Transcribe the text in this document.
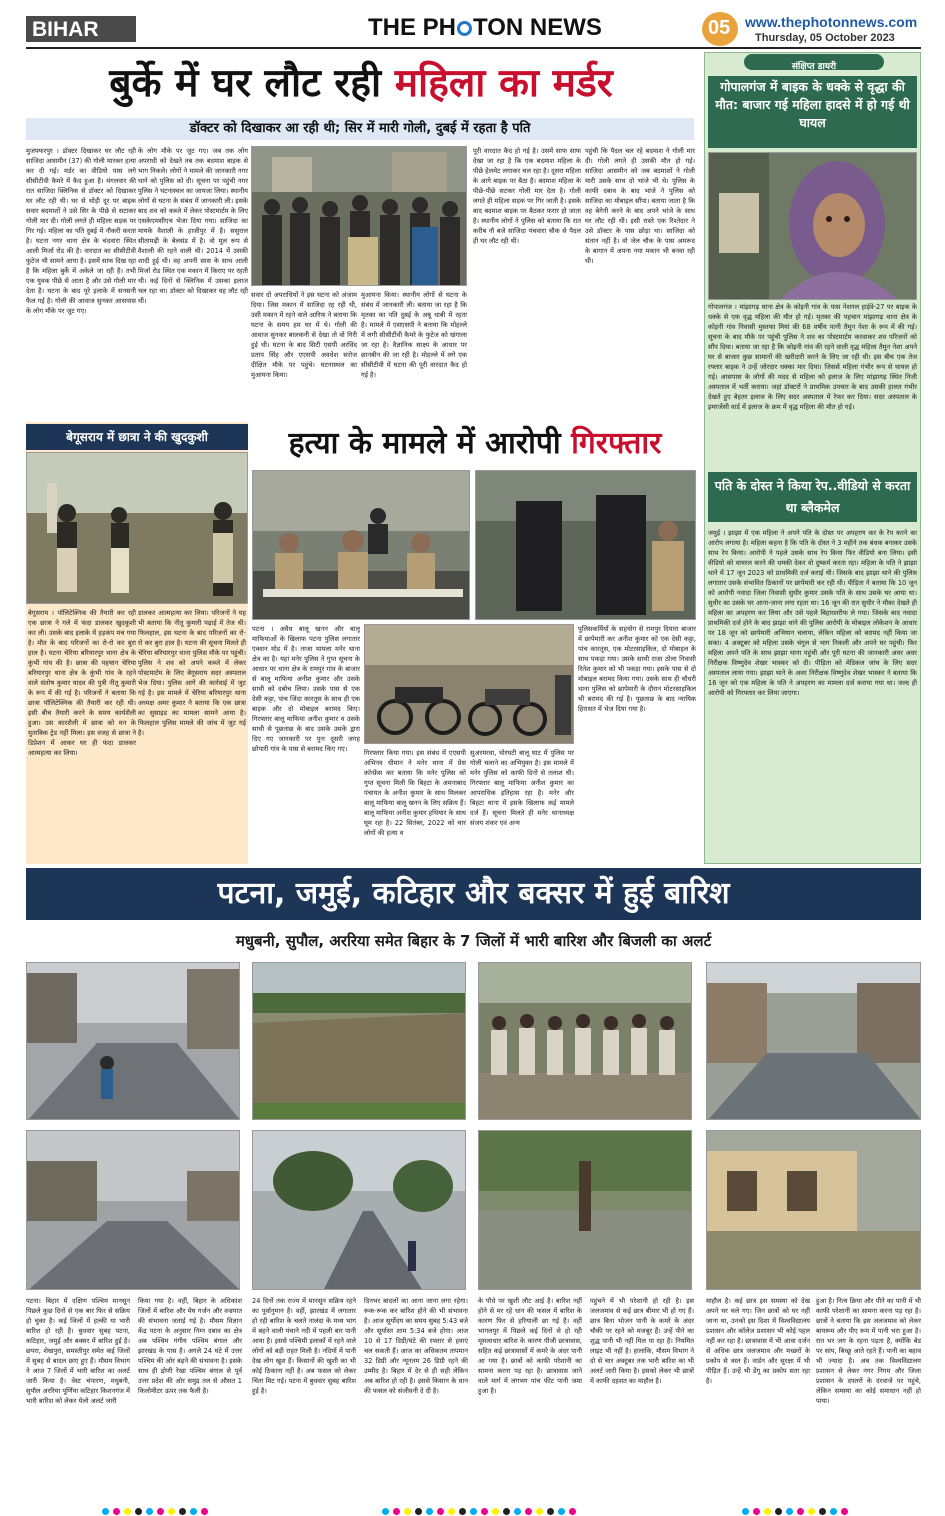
BIHAR	THE PH TON NEWS	05 www.thephotonnews.com
Thursday, 05 October 2023
बुर्के में घर लौट रही महिला का मर्डर
डॉक्टर को दिखाकर आ रही थी; सिर में मारी गोली, दुबई में रहता है पति
मुजफ्फरपुर । डॉक्टर दिखाकर घर लौट रही साजिदा आसमीन (37) की गोली मारकर हत्या कर दी गई। मर्डर का वीडियो पास लगे सीसीटीवी कैमरे में कैद हुआ है। मंगलवार की रात साजिदा क्लिनिक से डॉक्टर को दिखाकर घर लौट रही थी। घर से थोड़ी दूर पर बाइक सवार बदमाशों ने उसे सिर के पीछे से सटाकर गोली मार दी। गोली लगते ही महिला सड़क पर गिर गई। महिला का पति दुबई में नौकरी करता है। घटना नगर थाना क्षेत्र के चंदवारा स्थित आली मिर्जा रोड की है। वारदात का सीसीटीवी फुटेज भी सामने आया है। इसमें साफ दिख रहा है कि महिला बुर्के में अकेले जा रही है। तभी एक युवक पीछे से आता है और उसे गोली मार देता है। घटना के बाद पूरे इलाके में सनसनी फैल गई है। गोली की आवाज सुनकर आसपास के लोग मौके पर जुट गए।
के लोग मौके पर जुट गए। जब तक लोग अपराधी को देखते तब तक बदमाश बाइक से भाग निकले। लोगों ने मामले की जानकारी नगर थाने को पुलिस को दी। सूचना पर पहुंची नगर पुलिस ने घटनास्थल का जायजा लिया। स्थानीय लोगों से घटना के संबंध में जानकारी ली। इसके बाद शव को कब्जे में लेकर पोस्टमार्टम के लिए एसकेएमसीएच भेजा दिया गया। साजिदा का मायके वैशाली के हाजीपुर में है। ससुराल सीतामढ़ी के बेलसंड में है। वो मूल रूप से वैशाली की रहने वाली थी। 2014 में उसकी शादी हुई थी। वह अपनी सास के साथ आली मिर्जा रोड स्थित एक मकान में किराए पर रहती थी। कई दिनों से क्लिनिक में उसका इलाज चल रहा था। डॉक्टर को दिखाकर वह लौट रही थी।
सवार दो अपराधियों ने इस घटना को अंजाम दिया। जिस मकान में साजिदा रह रही थी, उसी मकान में रहने वाले आरिफ ने बताया कि घटना के समय हम घर में थे। गोली की आवाज सुनकर बालकनी से देखा तो वो गिरी हुई थी। घटना के बाद सिटी एसपी अरविंद प्रताप सिंह और एएसपी अवधेश सरोज दीक्षित मौके पर पहुंचे। घटनास्थल का मुआयना किया।
मुआयना किया। स्थानीय लोगों से घटना के संबंध में जानकारी ली। बताया जा रहा है कि मृतका का पति दुबई के अबू धाबी में रहता है। मामले में एसएसपी ने बताया कि मोहल्ले में लगी सीसीटीवी कैमरे के फुटेज को खंगाला जा रहा है। वैज्ञानिक साक्ष्य के आधार पर छानबीन की जा रही है। मोहल्ले में लगे एक सीसीटीवी में घटना की पूरी वारदात कैद हो गई है।
पूरी वारदात कैद हो गई है। उसमें साफ साफ देखा जा रहा है कि एक बदमाश महिला के पीछे हेलमेट लगाकर चल रहा है। दूसरा महिला के आगे बाइक पर बैठा है। बदमाश महिला के पीछे-पीछे सटकर गोली मार देता है। गोली लगते ही महिला सड़क पर गिर जाती है। इसके बाद बदमाश बाइक पर बैठकर फरार हो जाता है। स्थानीय लोगों ने पुलिस को बताया कि रात करीब नौ बजे साजिदा पंचवारा चौक से पैदल ही घर लौट रही थी।
पहुंची कि पैदल चल रहे बदमाश ने गोली मार दी। गोली लगते ही उसकी मौत हो गई। साजिदा आसमीन को जब बदमाशों ने गोली मारी उसके साथ दो भांजे भी थे। पुलिस के काफी दबाव के बाद भांजे ने पुलिस को साजिदा का मोबाइल सौंपा। बताया जाता है कि वह बेगेनी करने के बाद अपने भांजे के साथ घर लौट रही थी। इसी रास्ते एक रिश्तेदार ने उसे डॉक्टर के पास छोड़ा था। साजिदा को संतान नहीं है। वो जेल चौक के पास अमरूद के बागान में अपना नया मकान भी बनवा रही थी।
संक्षिप्त डायरी
गोपालगंज में बाइक के धक्के से वृद्धा की मौत: बाजार गई महिला हादसे में हो गई थी घायल
गोपालगंज । मांझागढ़ थाना क्षेत्र के कोइनी गांव के पास नेशनल हाईवे-27 पर बाइक के धक्के से एक वृद्ध महिला की मौत हो गई। मृतका की पहचान मांझागढ़ थाना क्षेत्र के कोइनी गांव निवासी मुस्तफा मियां की 68 वर्षीय पत्नी तैमुन नेशा के रूप में की गई। सूचना के बाद मौके पर पहुंची पुलिस ने शव का पोस्टमार्टम करवाकर शव परिजनों को सौंप दिया। बताया जा रहा है कि कोइनी गांव की रहने वाली वृद्ध महिला तैमुन नेशा अपने घर से बाजार कुछ सामानों की खरीदारी करने के लिए जा रही थी। इस बीच एक तेज रफ्तार बाइक ने उन्हें जोरदार धक्का मार दिया। जिससे महिला गंभीर रूप से घायल हो गई। आसपास के लोगों की मदद से महिला को इलाज के लिए मांझागढ़ स्थित निजी अस्पताल में भर्ती कराया। जहां डॉक्टरों ने प्राथमिक उपचार के बाद उसकी हालत गंभीर देखते हुए बेहतर इलाज के लिए सदर अस्पताल में रेफर कर दिया। सदर अस्पताल के इमरजेंसी वार्ड में इलाज के क्रम में वृद्ध महिला की मौत हो गई।
पति के दोस्त ने किया रेप..वीडियो से करता था ब्लैकमेल
जमुई । झाझा में एक महिला ने अपने पति के दोस्त पर अपहरण कर के रेप करने का आरोप लगाया है। महिला कहना है कि पति के दोस्त ने 3 महीने तक बंधक बनाकर उसके साथ रेप किया। आरोपी ने पहले उसके साथ रेप किया फिर वीडियो बना लिया। इसी वीडियो को वायरल करने की धमकी देकर वो दुष्कर्म करता रहा। महिला के पति ने झाझा थाने में 17 जून 2023 को प्राथमिकी दर्ज कराई थी। जिसके बाद झाझा थाने की पुलिस लगातार उसके संभावित ठिकानों पर छापेमारी कर रही थी। पीड़िता ने बताया कि 10 जून को आरोपी नवादा जिला निवासी सुधीर कुमार उसके पति के साथ उसके घर आया था। सुधीर का उसके घर आना-जाना लगा रहता था। 16 जून की रात सुधीर ने मौका देखते ही महिला का अपहरण कर लिया और उसे पहले बिहारशरीफ ले गया। जिसके बाद नवादा प्राथमिकी दर्ज होने के बाद झाझा थाने की पुलिस आरोपी के मोबाइल लोकेशन के आधार पर 18 जून को छापेमारी अभियान चलाया, लेकिन महिला को बरामद नहीं किया जा सका। 4 अक्टूबर को महिला उसके चंगुल से भाग निकली और अपने घर पहुंची। फिर महिला अपने पति के साथ झाझा थाना पहुंची और पूरी घटना की जानकारी अवर अवर निरीक्षक विष्णुदेव शेखर भास्कर को दी। पीड़िता को मेडिकल जांच के लिए सदर अस्पताल लाया गया। झाझा थाने के अवर निरीक्षक विष्णुदेव शेखर भास्कर ने बताया कि 16 जून को एक महिला के पति ने अपहरण का मामला दर्ज कराया गया था। जल्द ही आरोपी को गिरफ्तार कर लिया जाएगा।
बेगूसराय में छात्रा ने की खुदकुशी
बेगूसराय । पॉलिटेक्निक की तैयारी कर रही एक छात्रा ने गले में फंदा डालकर खुदकुशी कर ली। उसके बाद इलाके में हड़कंप मच गया है। मौत के बाद परिजनों का रो-रो कर बुरा हाल है। घटना चेरिया बरियारपुर थाना क्षेत्र के कुंभी गांव की है। छात्रा की पहचान चेरिया बरियारपुर थाना क्षेत्र के कुंभी गांव के रहने वाले संतोष कुमार यादव की पुत्री नीतू कुमारी के रूप में की गई है। परिजनों ने बताया कि छात्रा पॉलिटेक्निक की तैयारी कर रही थी। इसी बीच तैयारी करने के समय कार्यशैली हुआ। उस कारशैली में छात्रा को मन के मुताबिक ट्रेड नहीं मिला। इस वजह से छात्रा ने डिप्रेशन में आकर घर ही फंदा डालकर आत्महत्या कर लिया।
डालकर आत्महत्या कर लिया। परिजनों ने यह भी बताया कि नीतू कुमारी पढ़ाई में तेज थी। फिलहाल, इस घटना के बाद परिजनों का रो-रो कर बुरा हाल है। घटना की सूचना मिलते ही चेरिया बरियारपुर थाना पुलिस मौके पर पहुंची। पुलिस ने शव को अपने कब्जे में लेकर पोस्टमार्टम के लिए बेगूसराय सदर अस्पताल भेज दिया। पुलिस आगे की कार्रवाई में जुट गई है। इस मामले में चेरिया बरियारपुर थाना अध्यक्ष अमर कुमार ने बताया कि एक छात्रा का सुसाइड का मामला सामने आया है। फिलहाल पुलिस मामले की जांच में जुट गई है।
हत्या के मामले में आरोपी गिरफ्तार
पटना । अवैध बालू खनन और बालू माफियाओं के खिलाफ पटना पुलिस लगातार एक्शन मोड में है। ताजा मामला मनेर थाना क्षेत्र का है। यहां मनेर पुलिस ने गुप्त सूचना के आधार पर थाना क्षेत्र के रामपुर गांव के बाजार से बालू माफिया अनीश कुमार और उसके साथी को दबोच लिया। उसके पास से एक देसी कट्टा, पांच जिंदा कारतूस के साथ ही एक बाइक और दो मोबाइल बरामद किए। गिरफ्तार बालू माफिया अनीश कुमार व उसके साथी से पूछताछ के बाद उसके उसके द्वारा दिए गए जानकारी पर पुनः दूसरी जगह छोपारी गांव के पास से बरामद किए गए।
पुलिसकर्मियों के सहयोग से रामपुर दियारा बाजार में छापेमारी कर अनीश कुमार को एक देसी कट्टा, पांच कारतूस, एक मोटरसाइकिल, दो मोबाइल के साथ पकड़ा गया। उसके साथी राजा ठोला निवासी रितेश कुमार को भी पकड़ा गया। इसके पास से दो मोबाइल बरामद किया गया। उसके साथ ही चौधरी थाना पुलिस को छापेमारी के दौरान मोटरसाइकिल भी बरामद की गई है। पूछताछ के बाद न्यायिक हिरासत में भेज दिया गया है।
गिरफ्तार किया गया। इस संबंध में एएसपी अभिनव धीमान ने मनेर थाना में प्रेस कॉन्फ्रेंस कर बताया कि मनेर पुलिस को गुप्त सूचना मिली कि बिहटा के अमनाबाद पंचायत के अनीश कुमार के साथ मिलकर बालू माफिया बालू खनन के लिए सक्रिय हैं। बालू माफिया अनीश कुमार हथियार के साथ घूम रहा है। 22 सितंबर, 2022 को चार लोगों की हत्या व
सुअरमरवा, घोरघटी बालू घाट में पुलिस पर गोली चलाने का अभियुक्त है। इस मामले में मनेर पुलिस को काफी दिनों से तलाश थी। गिरफ्तार बालू माफिया अनीश कुमार का आपराधिक इतिहास रहा है। मनेर और बिहटा थाना में इसके खिलाफ कई मामले दर्ज हैं। सूचना मिलते ही मनेर थानाध्यक्ष संजय शंकर एवं अन्य
पटना, जमुई, कटिहार और बक्सर में हुई बारिश
मधुबनी, सुपौल, अररिया समेत बिहार के 7 जिलों में भारी बारिश और बिजली का अलर्ट
पटना। बिहार में दक्षिण पश्चिम मानसून पिछले कुछ दिनों से एक बार फिर से सक्रिय हो चुका है। कई जिलों में हल्की या भारी बारिश हो रही है। बुधवार सुबह पटना, कटिहार, जमुई और बक्सर में बारिश हुई है। छपरा, शेखपुरा, समस्तीपुर समेत कई जिलों में सुबह से बादल छाए हुए हैं। मौसम विभाग ने आज 7 जिलों में भारी बारिश का अलर्ट जारी किया है। वेस्ट चंपारण, मधुबनी, सुपौल अररिया पूर्णिया कटिहार किशनगंज में भारी बारिश को लेकर येलो अलर्ट जारी
किया गया है। वहीं, बिहार के अधिकांश जिलों में बारिश और मेघ गर्जन और वज्रपात की संभावना जताई गई है। मौसम विज्ञान केंद्र पटना के अनुसार निम्न दबाव का क्षेत्र अब पश्चिम गंगीय पश्चिम बंगाल और झारखंड के पास है। अगले 24 घंटे में उत्तर पश्चिम की ओर बढ़ने की संभावना है। इसके साथ ही द्रोणी रेखा पश्चिम बंगाल से पूर्व उत्तर प्रदेश की ओर समुद्र तल से औसत 1 किलोमीटर ऊपर तक फैली है।
24 दिनों तक राज्य में मानसून सक्रिय रहने का पूर्वानुमान है। वहीं, झारखंड में लगातार हो रही बारिश के चलते नालंदा के मध्य भाग में बहने वाली पंचाने नदी में पहली बार पानी आया है। इससे पश्चिमी इलाकों में रहने वाले लोगों को बड़ी राहत मिली है। नदियों में पानी देख लोग खुश हैं। किसानों की खुशी का भी कोई ठिकाना नहीं है। अब फसल को लेकर चिंता मिट गई। पटना में बुधवार सुबह बारिश हुई है।
दिनभर बादलों का आना जाना लगा रहेगा। रूक-रूक कर बारिश होने की भी संभावना है। आज सूर्योदय का समय सुबह 5:43 बजे और सूर्यास्त शाम 5:34 बजे होगा। आज 10 से 17 डिग्री/घंटे की रफ्तार से हवाएं चल सकती हैं। आज का अधिकतम तापमान 32 डिग्री और न्यूनतम 26 डिग्री रहने की उम्मीद है। बिहार में देर से ही सही लेकिन अब बारिश हो रही है। इससे किसान के धान की फसल को संजीवनी दे दी है।
के पौधे पर खुशी लौट आई है। बारिश नहीं होने से मर रहे धान की फसल में बारिश के कारण फिर से हरियाली छा गई है। वहीं भागलपुर में पिछले कई दिनों से हो रही मूसलाधार बारिश के कारण पीजी छात्रावास, सहित कई छात्रावासों में कमरे के अंदर पानी आ गया है। छात्रों को काफी परेशानी का सामना करना पड़ रहा है। छात्रावास जाने वाले मार्ग में लगभग पांच फीट पानी जमा हुआ है।
पहुंचने में भी परेशानी हो रही है। इस जलजमाव से कई छात्र बीमार भी हो गए हैं। छात्र बिना भोजन पानी के कमरे के अंदर चौकी पर रहने को मजबूर हैं। उन्हें पीने का शुद्ध पानी भी नहीं मिल पा रहा है। नियमित लाइट भी नहीं है। हालांकि, मौसम विभाग ने दो से चार अक्टूबर तक भारी बारिश का भी अलर्ट जारी किया है। इसको लेकर भी छात्रों में काफी दहशत का माहौल है।
माहौल है। कई छात्र इस समस्या को देख अपने घर चले गए। जिन छात्रों को घर नहीं जाना था, उनको इस दिशा में विश्वविद्यालय प्रशासन और कॉलेज प्रशासन भी कोई पहल नहीं कर रहा है। छात्रावास में भी आवा दर्जन से अधिक छात्र जलजमाव और मच्छरों के प्रकोप से त्रस्त हैं। वार्डन और सुरक्षा में भी पीड़ित हैं। उन्हें भी डेंगू का प्रकोप सता रहा है।
हुआ है। नित्य क्रिया और पीने का पानी में भी काफी परेशानी का सामना करना पड़ रहा है। छात्रों ने बताया कि इस जलजमाव को लेकर बायरूम और पीए रूम में पानी भरा हुआ है। रात भर जग के रहना पड़ता है, क्योंकि बेड पर सांप, बिच्छू आते रहते हैं। पानी का बहाव भी ज्यादा है। अब तक विश्वविद्यालय प्रशासन से लेकर नगर निगम और जिला प्रशासन के दफ्तरों के दरवाजे पर पहुंचे, लेकिन समस्या का कोई समाधान नहीं हो पाया।
